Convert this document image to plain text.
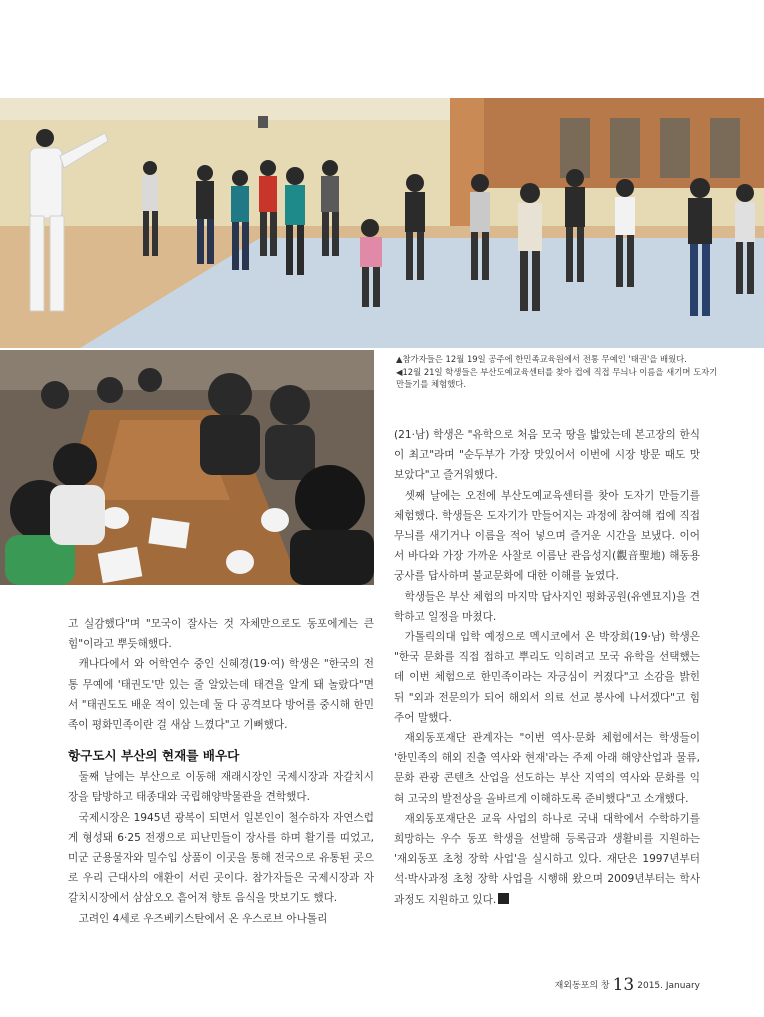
▲참가자들은 12월 19일 공주에 한민족교육원에서 전통 무예인 '태권'을 배웠다.
◀12월 21일 학생들은 부산도예교육센터를 찾아 컵에 직접 무늬나 이름을 새기며 도자기 만들기를 체험했다.

고 실감했다"며 "모국이 잘사는 것 자체만으로도 동포에게는 큰 힘"이라고 뿌듯해했다.

캐나다에서 와 어학연수 중인 신혜경(19·여) 학생은 "한국의 전통 무예에 '태권도'만 있는 줄 알았는데 태견을 알게 돼 놀랐다"면서 "태권도도 배운 적이 있는데 둘 다 공격보다 방어를 중시해 한민족이 평화민족이란 걸 새삼 느꼈다"고 기뻐했다.

항구도시 부산의 현재를 배우다

둘째 날에는 부산으로 이동해 재래시장인 국제시장과 자갈치시장을 탐방하고 태종대와 국립해양박물관을 견학했다.

국제시장은 1945년 광복이 되면서 일본인이 철수하자 자연스럽게 형성돼 6·25 전쟁으로 피난민들이 장사를 하며 활기를 띠었고, 미군 군용물자와 밀수입 상품이 이곳을 통해 전국으로 유통된 곳으로 우리 근대사의 애환이 서린 곳이다. 참가자들은 국제시장과 자갈치시장에서 삼삼오오 흩어져 향토 음식을 맛보기도 했다.

고려인 4세로 우즈베키스탄에서 온 우스로브 아나톨리

(21·남) 학생은 "유학으로 처음 모국 땅을 밟았는데 본고장의 한식이 최고"라며 "순두부가 가장 맛있어서 이번에 시장 방문 때도 맛보았다"고 즐거워했다.

셋째 날에는 오전에 부산도예교육센터를 찾아 도자기 만들기를 체험했다. 학생들은 도자기가 만들어지는 과정에 참여해 컵에 직접 무늬를 새기거나 이름을 적어 넣으며 즐거운 시간을 보냈다. 이어서 바다와 가장 가까운 사찰로 이름난 관음성지(觀音聖地) 해동용궁사를 답사하며 불교문화에 대한 이해를 높였다.

학생들은 부산 체험의 마지막 답사지인 평화공원(유엔묘지)을 견학하고 일정을 마쳤다.

가톨릭의대 입학 예정으로 멕시코에서 온 박장희(19·남) 학생은 "한국 문화를 직접 접하고 뿌리도 익히려고 모국 유학을 선택했는데 이번 체험으로 한민족이라는 자긍심이 커졌다"고 소감을 밝힌 뒤 "외과 전문의가 되어 해외서 의료 선교 봉사에 나서겠다"고 힘주어 말했다.

재외동포재단 관계자는 "이번 역사·문화 체험에서는 학생들이 '한민족의 해외 진출 역사와 현재'라는 주제 아래 해양산업과 물류, 문화 관광 콘텐츠 산업을 선도하는 부산 지역의 역사와 문화를 익혀 고국의 발전상을 올바르게 이해하도록 준비했다"고 소개했다.

재외동포재단은 교육 사업의 하나로 국내 대학에서 수학하기를 희망하는 우수 동포 학생을 선발해 등록금과 생활비를 지원하는 '재외동포 초청 장학 사업'을 실시하고 있다. 재단은 1997년부터 석·박사과정 초청 장학 사업을 시행해 왔으며 2009년부터는 학사과정도 지원하고 있다.

재외동포의 창 13 2015. January
